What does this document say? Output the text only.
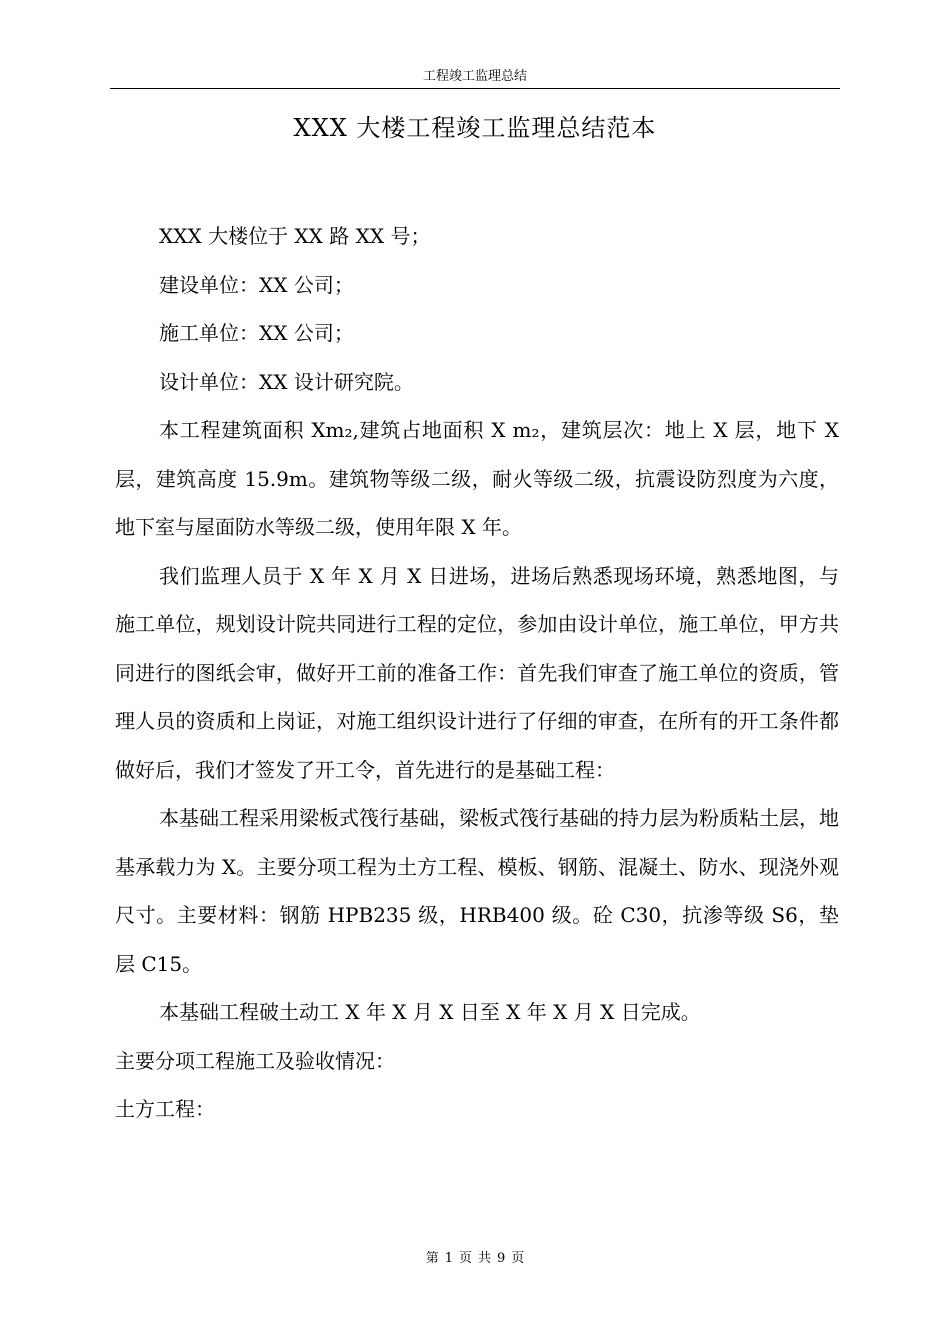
工程竣工监理总结
XXX 大楼工程竣工监理总结范本

XXX 大楼位于 XX 路 XX 号；

建设单位：XX 公司；

施工单位：XX 公司；

设计单位：XX 设计研究院。

本工程建筑面积 Xm₂,建筑占地面积 X m₂，建筑层次：地上 X 层，地下 X 层，建筑高度 15.9m。建筑物等级二级，耐火等级二级，抗震设防烈度为六度，地下室与屋面防水等级二级，使用年限 X 年。

我们监理人员于 X 年 X 月 X 日进场，进场后熟悉现场环境，熟悉地图，与施工单位，规划设计院共同进行工程的定位，参加由设计单位，施工单位，甲方共同进行的图纸会审，做好开工前的准备工作：首先我们审查了施工单位的资质，管理人员的资质和上岗证，对施工组织设计进行了仔细的审查，在所有的开工条件都做好后，我们才签发了开工令，首先进行的是基础工程：

本基础工程采用梁板式筏行基础，梁板式筏行基础的持力层为粉质粘土层，地基承载力为 X。主要分项工程为土方工程、模板、钢筋、混凝土、防水、现浇外观尺寸。主要材料：钢筋 HPB235 级，HRB400 级。砼 C30，抗渗等级 S6，垫层 C15。

本基础工程破土动工 X 年 X 月 X 日至 X 年 X 月 X 日完成。

主要分项工程施工及验收情况：

土方工程：

第 1 页 共 9 页
